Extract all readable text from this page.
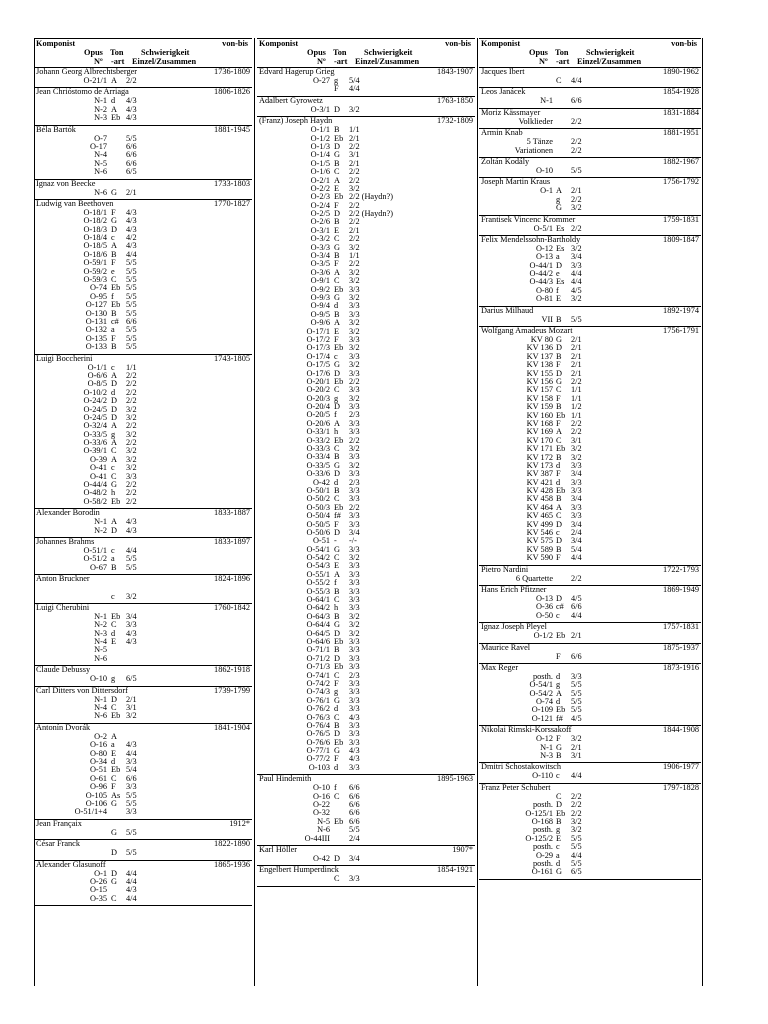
Komponist	von-bis
Opus Ton Schwierigkeit
Nº -art Einzel/Zusammen
Johann Georg Albrechtsberger	1736-1809
O-21/1 A 2/2
Jean Chrióstomo de Arriaga	1806-1826
N-1 d 4/3
N-2 A 4/3
N-3 Eb 4/3
Béla Bartók	1881-1945
O-7 5/5
O-17 6/6
N-4 6/6
N-5 6/6
N-6 6/5
Ignaz von Beecke	1733-1803
N-6 G 2/1
Ludwig van Beethoven	1770-1827
O-18/1 F 4/3
O-18/2 G 4/3
O-18/3 D 4/3
O-18/4 c 4/2
O-18/5 A 4/3
O-18/6 B 4/4
O-59/1 F 5/5
O-59/2 e 5/5
O-59/3 C 5/5
O-74 Eb 5/5
O-95 f 5/5
O-127 Eb 5/5
O-130 B 5/5
O-131 c# 6/6
O-132 a 5/5
O-135 F 5/5
O-133 B 5/5
Luigi Boccherini	1743-1805
O-1/1 c 1/1
O-6/6 A 2/2
O-8/5 D 2/2
O-10/2 d 2/2
O-24/2 D 2/2
O-24/5 D 3/2
O-24/5 D 3/2
O-32/4 A 2/2
O-33/5 g 3/2
O-33/6 A 2/2
O-39/1 C 3/2
O-39 A 3/2
O-41 c 3/2
O-41 C 3/3
O-44/4 G 2/2
O-48/2 h 2/2
O-58/2 Eb 2/2
Alexander Borodin	1833-1887
N-1 A 4/3
N-2 D 4/3
Johannes Brahms	1833-1897
O-51/1 c 4/4
O-51/2 a 5/5
O-67 B 5/5
Anton Bruckner	1824-1896
c 3/2
Luigi Cherubini	1760-1842
N-1 Eb 3/4
N-2 C 3/3
N-3 d 4/3
N-4 E 4/3
N-5
N-6
Claude Debussy	1862-1918
O-10 g 6/5
Carl Ditters von Dittersdorf	1739-1799
N-1 D 2/1
N-4 C 3/1
N-6 Eb 3/2
Antonín Dvorák	1841-1904
O-2 A
O-16 a 4/3
O-80 E 4/4
O-34 d 3/3
O-51 Eb 5/4
O-61 C 6/6
O-96 F 3/3
O-105 As 5/5
O-106 G 5/5
O-51/1+4 3/3
Jean Françaix	1912*
G 5/5
César Franck	1822-1890
D 5/5
Alexander Glasunoff	1865-1936
O-1 D 4/4
O-26 G 4/4
O-15 4/3
O-35 C 4/4
Komponist	von-bis
Opus Ton Schwierigkeit
Nº -art Einzel/Zusammen
Edvard Hagerup Grieg	1843-1907
O-27 g 5/4
F 4/4
Adalbert Gyrowetz	1763-1850
O-3/1 D 3/2
(Franz) Joseph Haydn	1732-1809
O-1/1 B 1/1
O-1/2 Eb 2/1
O-1/3 D 2/2
O-1/4 G 3/1
O-1/5 B 2/1
O-1/6 C 2/2
O-2/1 A 2/2
O-2/2 E 3/2
O-2/3 Eb 2/2 (Haydn?)
O-2/4 F 2/2
O-2/5 D 2/2 (Haydn?)
O-2/6 B 2/2
O-3/1 E 2/1
O-3/2 C 2/2
O-3/3 G 3/2
O-3/4 B 1/1
O-3/5 F 2/2
O-3/6 A 3/2
O-9/1 C 3/2
O-9/2 Eb 3/3
O-9/3 G 3/2
O-9/4 d 3/3
O-9/5 B 3/3
O-9/6 A 3/2
O-17/1 E 3/2
O-17/2 F 3/3
O-17/3 Eb 3/2
O-17/4 c 3/3
O-17/5 G 3/2
O-17/6 D 3/3
O-20/1 Eb 2/2
O-20/2 C 3/3
O-20/3 g 3/2
O-20/4 D 3/3
O-20/5 f 2/3
O-20/6 A 3/3
O-33/1 h 3/3
O-33/2 Eb 2/2
O-33/3 C 3/2
O-33/4 B 3/3
O-33/5 G 3/2
O-33/6 D 3/3
O-42 d 2/3
O-50/1 B 3/3
O-50/2 C 3/3
O-50/3 Eb 2/2
O-50/4 f# 3/3
O-50/5 F 3/3
O-50/6 D 3/4
O-51 - -/-
O-54/1 G 3/3
O-54/2 C 3/2
O-54/3 E 3/3
O-55/1 A 3/3
O-55/2 f 3/3
O-55/3 B 3/3
O-64/1 C 3/3
O-64/2 h 3/3
O-64/3 B 3/2
O-64/4 G 3/2
O-64/5 D 3/2
O-64/6 Eb 3/3
O-71/1 B 3/3
O-71/2 D 3/3
O-71/3 Eb 3/3
O-74/1 C 2/3
O-74/2 F 3/3
O-74/3 g 3/3
O-76/1 G 3/3
O-76/2 d 3/3
O-76/3 C 4/3
O-76/4 B 3/3
O-76/5 D 3/3
O-76/6 Eb 3/3
O-77/1 G 4/3
O-77/2 F 4/3
O-103 d 3/3
Paul Hindemith	1895-1963
O-10 f 6/6
O-16 C 6/6
O-22 6/6
O-32 6/6
N-5 Eb 6/6
N-6 5/5
O-44III 2/4
Karl Höller	1907*
O-42 D 3/4
Engelbert Humperdinck	1854-1921
C 3/3
Komponist	von-bis
Opus Ton Schwierigkeit
Nº -art Einzel/Zusammen
Jacques Ibert	1890-1962
C 4/4
Leos Janácek	1854-1928
N-1 6/6
Moriz Kässmayer	1831-1884
Volklieder 2/2
Armin Knab	1881-1951
5 Tänze 2/2
Variationen 2/2
Zoltán Kodály	1882-1967
O-10 5/5
Joseph Martin Kraus	1756-1792
O-1 A 2/1
g 2/2
G 3/2
Frantisek Vincenc Krommer	1759-1831
O-5/1 Es 2/2
Felix Mendelssohn-Bartholdy	1809-1847
O-12 Es 3/2
O-13 a 3/4
O-44/1 D 3/3
O-44/2 e 4/4
O-44/3 Es 4/4
O-80 f 4/5
O-81 E 3/2
Darius Milhaud	1892-1974
VII B 5/5
Wolfgang Amadeus Mozart	1756-1791
KV 80 G 2/1
KV 136 D 2/1
KV 137 B 2/1
KV 138 F 2/1
KV 155 D 2/1
KV 156 G 2/2
KV 157 C 1/1
KV 158 F 1/1
KV 159 B 1/2
KV 160 Eb 1/1
KV 168 F 2/2
KV 169 A 2/2
KV 170 C 3/1
KV 171 Eb 3/2
KV 172 B 3/2
KV 173 d 3/3
KV 387 F 3/4
KV 421 d 3/3
KV 428 Eb 3/3
KV 458 B 3/4
KV 464 A 3/3
KV 465 C 3/3
KV 499 D 3/4
KV 546 c 2/4
KV 575 D 3/4
KV 589 B 5/4
KV 590 F 4/4
Pietro Nardini	1722-1793
6 Quartette 2/2
Hans Erich Pfitzner	1869-1949
O-13 D 4/5
O-36 c# 6/6
O-50 c 4/4
Ignaz Joseph Pleyel	1757-1831
O-1/2 Eb 2/1
Maurice Ravel	1875-1937
F 6/6
Max Reger	1873-1916
posth. d 3/3
O-54/1 g 5/5
O-54/2 A 5/5
O-74 d 5/5
O-109 Eb 5/5
O-121 f# 4/5
Nikolai Rimski-Korssakoff	1844-1908
O-12 F 3/2
N-1 G 2/1
N-3 B 3/1
Dmitri Schostakowitsch	1906-1977
O-110 c 4/4
Franz Peter Schubert	1797-1828
C 2/2
posth. D 2/2
O-125/1 Eb 2/2
O-168 B 3/2
posth. g 3/2
O-125/2 E 5/5
posth. c 5/5
O-29 a 4/4
posth. d 5/5
O-161 G 6/5
